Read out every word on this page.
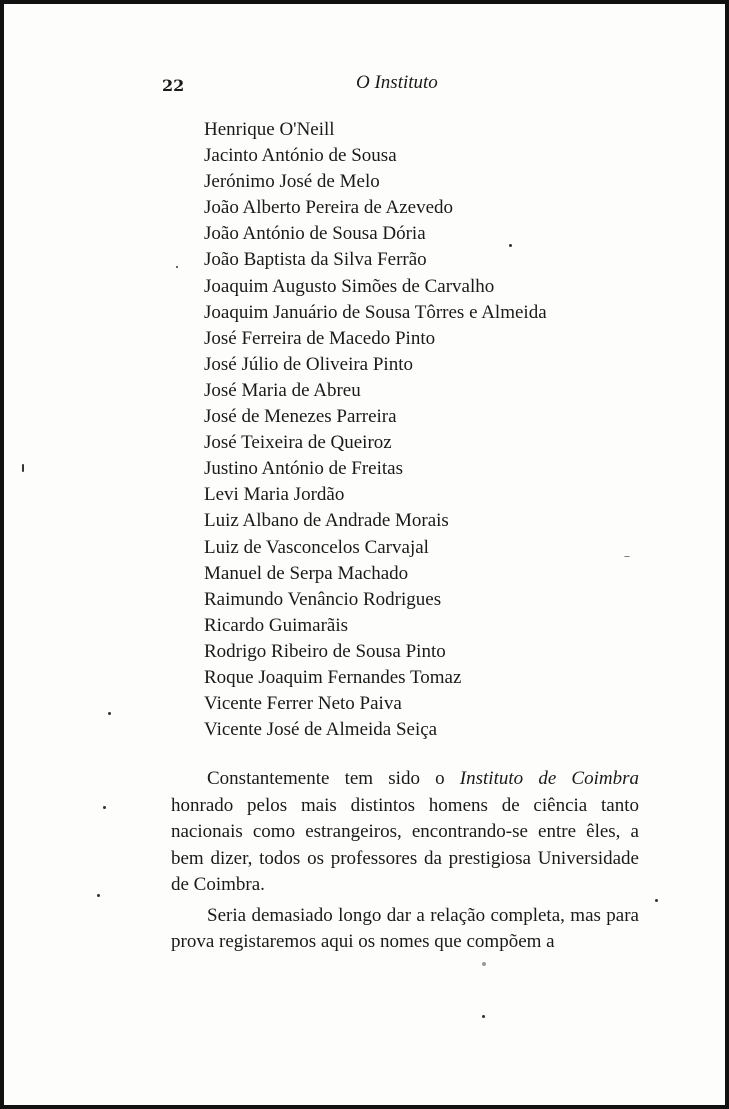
22	O Instituto
Henrique O'Neill
Jacinto António de Sousa
Jerónimo José de Melo
João Alberto Pereira de Azevedo
João António de Sousa Dória
João Baptista da Silva Ferrão
Joaquim Augusto Simões de Carvalho
Joaquim Januário de Sousa Tôrres e Almeida
José Ferreira de Macedo Pinto
José Júlio de Oliveira Pinto
José Maria de Abreu
José de Menezes Parreira
José Teixeira de Queiroz
Justino António de Freitas
Levi Maria Jordão
Luiz Albano de Andrade Morais
Luiz de Vasconcelos Carvajal
Manuel de Serpa Machado
Raimundo Venâncio Rodrigues
Ricardo Guimarãis
Rodrigo Ribeiro de Sousa Pinto
Roque Joaquim Fernandes Tomaz
Vicente Ferrer Neto Paiva
Vicente José de Almeida Seiça

Constantemente tem sido o Instituto de Coimbra honrado pelos mais distintos homens de ciência tanto nacionais como estrangeiros, encontrando-se entre êles, a bem dizer, todos os professores da prestigiosa Universidade de Coimbra.

Seria demasiado longo dar a relação completa, mas para prova registaremos aqui os nomes que compõem a
